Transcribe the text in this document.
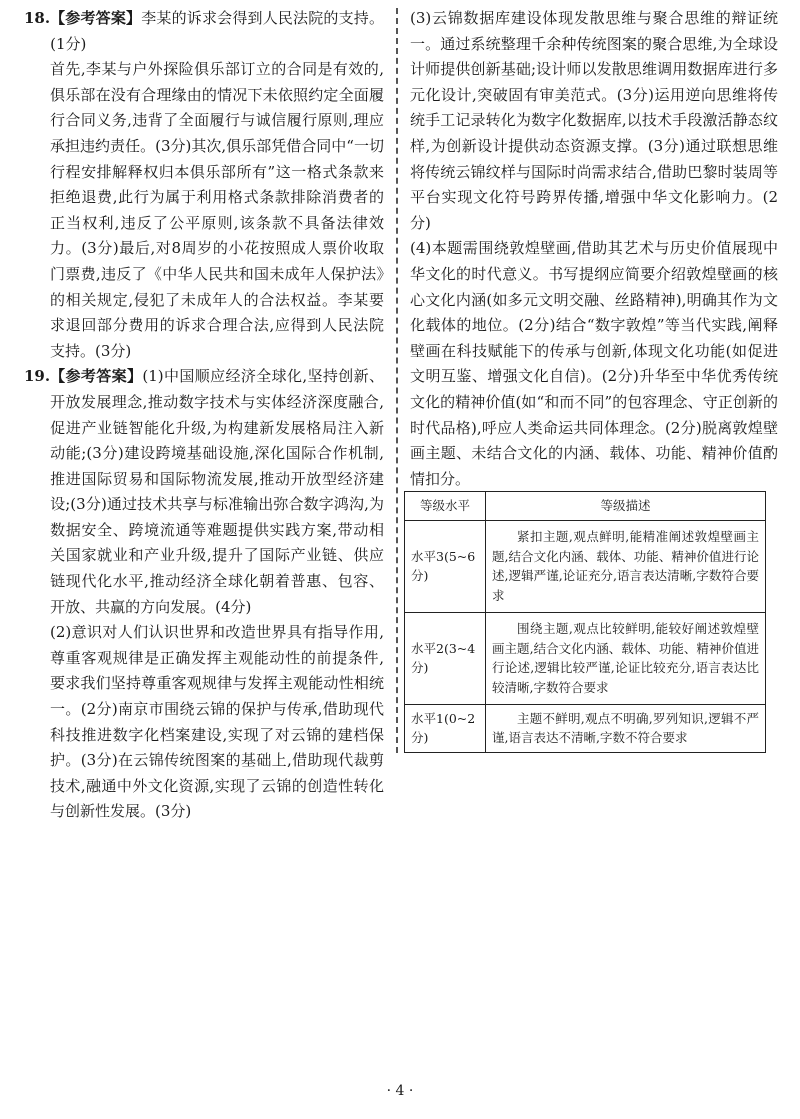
18. 【参考答案】李某的诉求会得到人民法院的支持。(1分)

首先,李某与户外探险俱乐部订立的合同是有效的,俱乐部在没有合理缘由的情况下未依照约定全面履行合同义务,违背了全面履行与诚信履行原则,理应承担违约责任。(3分)其次,俱乐部凭借合同中“一切行程安排解释权归本俱乐部所有”这一格式条款来拒绝退费,此行为属于利用格式条款排除消费者的正当权利,违反了公平原则,该条款不具备法律效力。(3分)最后,对8周岁的小花按照成人票价收取门票费,违反了《中华人民共和国未成年人保护法》的相关规定,侵犯了未成年人的合法权益。李某要求退回部分费用的诉求合理合法,应得到人民法院支持。(3分)

19. 【参考答案】(1)中国顺应经济全球化,坚持创新、开放发展理念,推动数字技术与实体经济深度融合,促进产业链智能化升级,为构建新发展格局注入新动能;(3分)建设跨境基础设施,深化国际合作机制,推进国际贸易和国际物流发展,推动开放型经济建设;(3分)通过技术共享与标准输出弥合数字鸿沟,为数据安全、跨境流通等难题提供实践方案,带动相关国家就业和产业升级,提升了国际产业链、供应链现代化水平,推动经济全球化朝着普惠、包容、开放、共赢的方向发展。(4分)

(2)意识对人们认识世界和改造世界具有指导作用,尊重客观规律是正确发挥主观能动性的前提条件,要求我们坚持尊重客观规律与发挥主观能动性相统一。(2分)南京市围绕云锦的保护与传承,借助现代科技推进数字化档案建设,实现了对云锦的建档保护。(3分)在云锦传统图案的基础上,借助现代裁剪技术,融通中外文化资源,实现了云锦的创造性转化与创新性发展。(3分)

(3)云锦数据库建设体现发散思维与聚合思维的辩证统一。通过系统整理千余种传统图案的聚合思维,为全球设计师提供创新基础;设计师以发散思维调用数据库进行多元化设计,突破固有审美范式。(3分)运用逆向思维将传统手工记录转化为数字化数据库,以技术手段激活静态纹样,为创新设计提供动态资源支撑。(3分)通过联想思维将传统云锦纹样与国际时尚需求结合,借助巴黎时装周等平台实现文化符号跨界传播,增强中华文化影响力。(2分)

(4)本题需围绕敦煌壁画,借助其艺术与历史价值展现中华文化的时代意义。书写提纲应简要介绍敦煌壁画的核心文化内涵(如多元文明交融、丝路精神),明确其作为文化载体的地位。(2分)结合“数字敦煌”等当代实践,阐释壁画在科技赋能下的传承与创新,体现文化功能(如促进文明互鉴、增强文化自信)。(2分)升华至中华优秀传统文化的精神价值(如“和而不同”的包容理念、守正创新的时代品格),呼应人类命运共同体理念。(2分)脱离敦煌壁画主题、未结合文化的内涵、载体、功能、精神价值酌情扣分。

等级水平	等级描述
水平3(5~6分)	紧扣主题,观点鲜明,能精准阐述敦煌壁画主题,结合文化内涵、载体、功能、精神价值进行论述,逻辑严谨,论证充分,语言表达清晰,字数符合要求
水平2(3~4分)	围绕主题,观点比较鲜明,能较好阐述敦煌壁画主题,结合文化内涵、载体、功能、精神价值进行论述,逻辑比较严谨,论证比较充分,语言表达比较清晰,字数符合要求
水平1(0~2分)	主题不鲜明,观点不明确,罗列知识,逻辑不严谨,语言表达不清晰,字数不符合要求
· 4 ·
